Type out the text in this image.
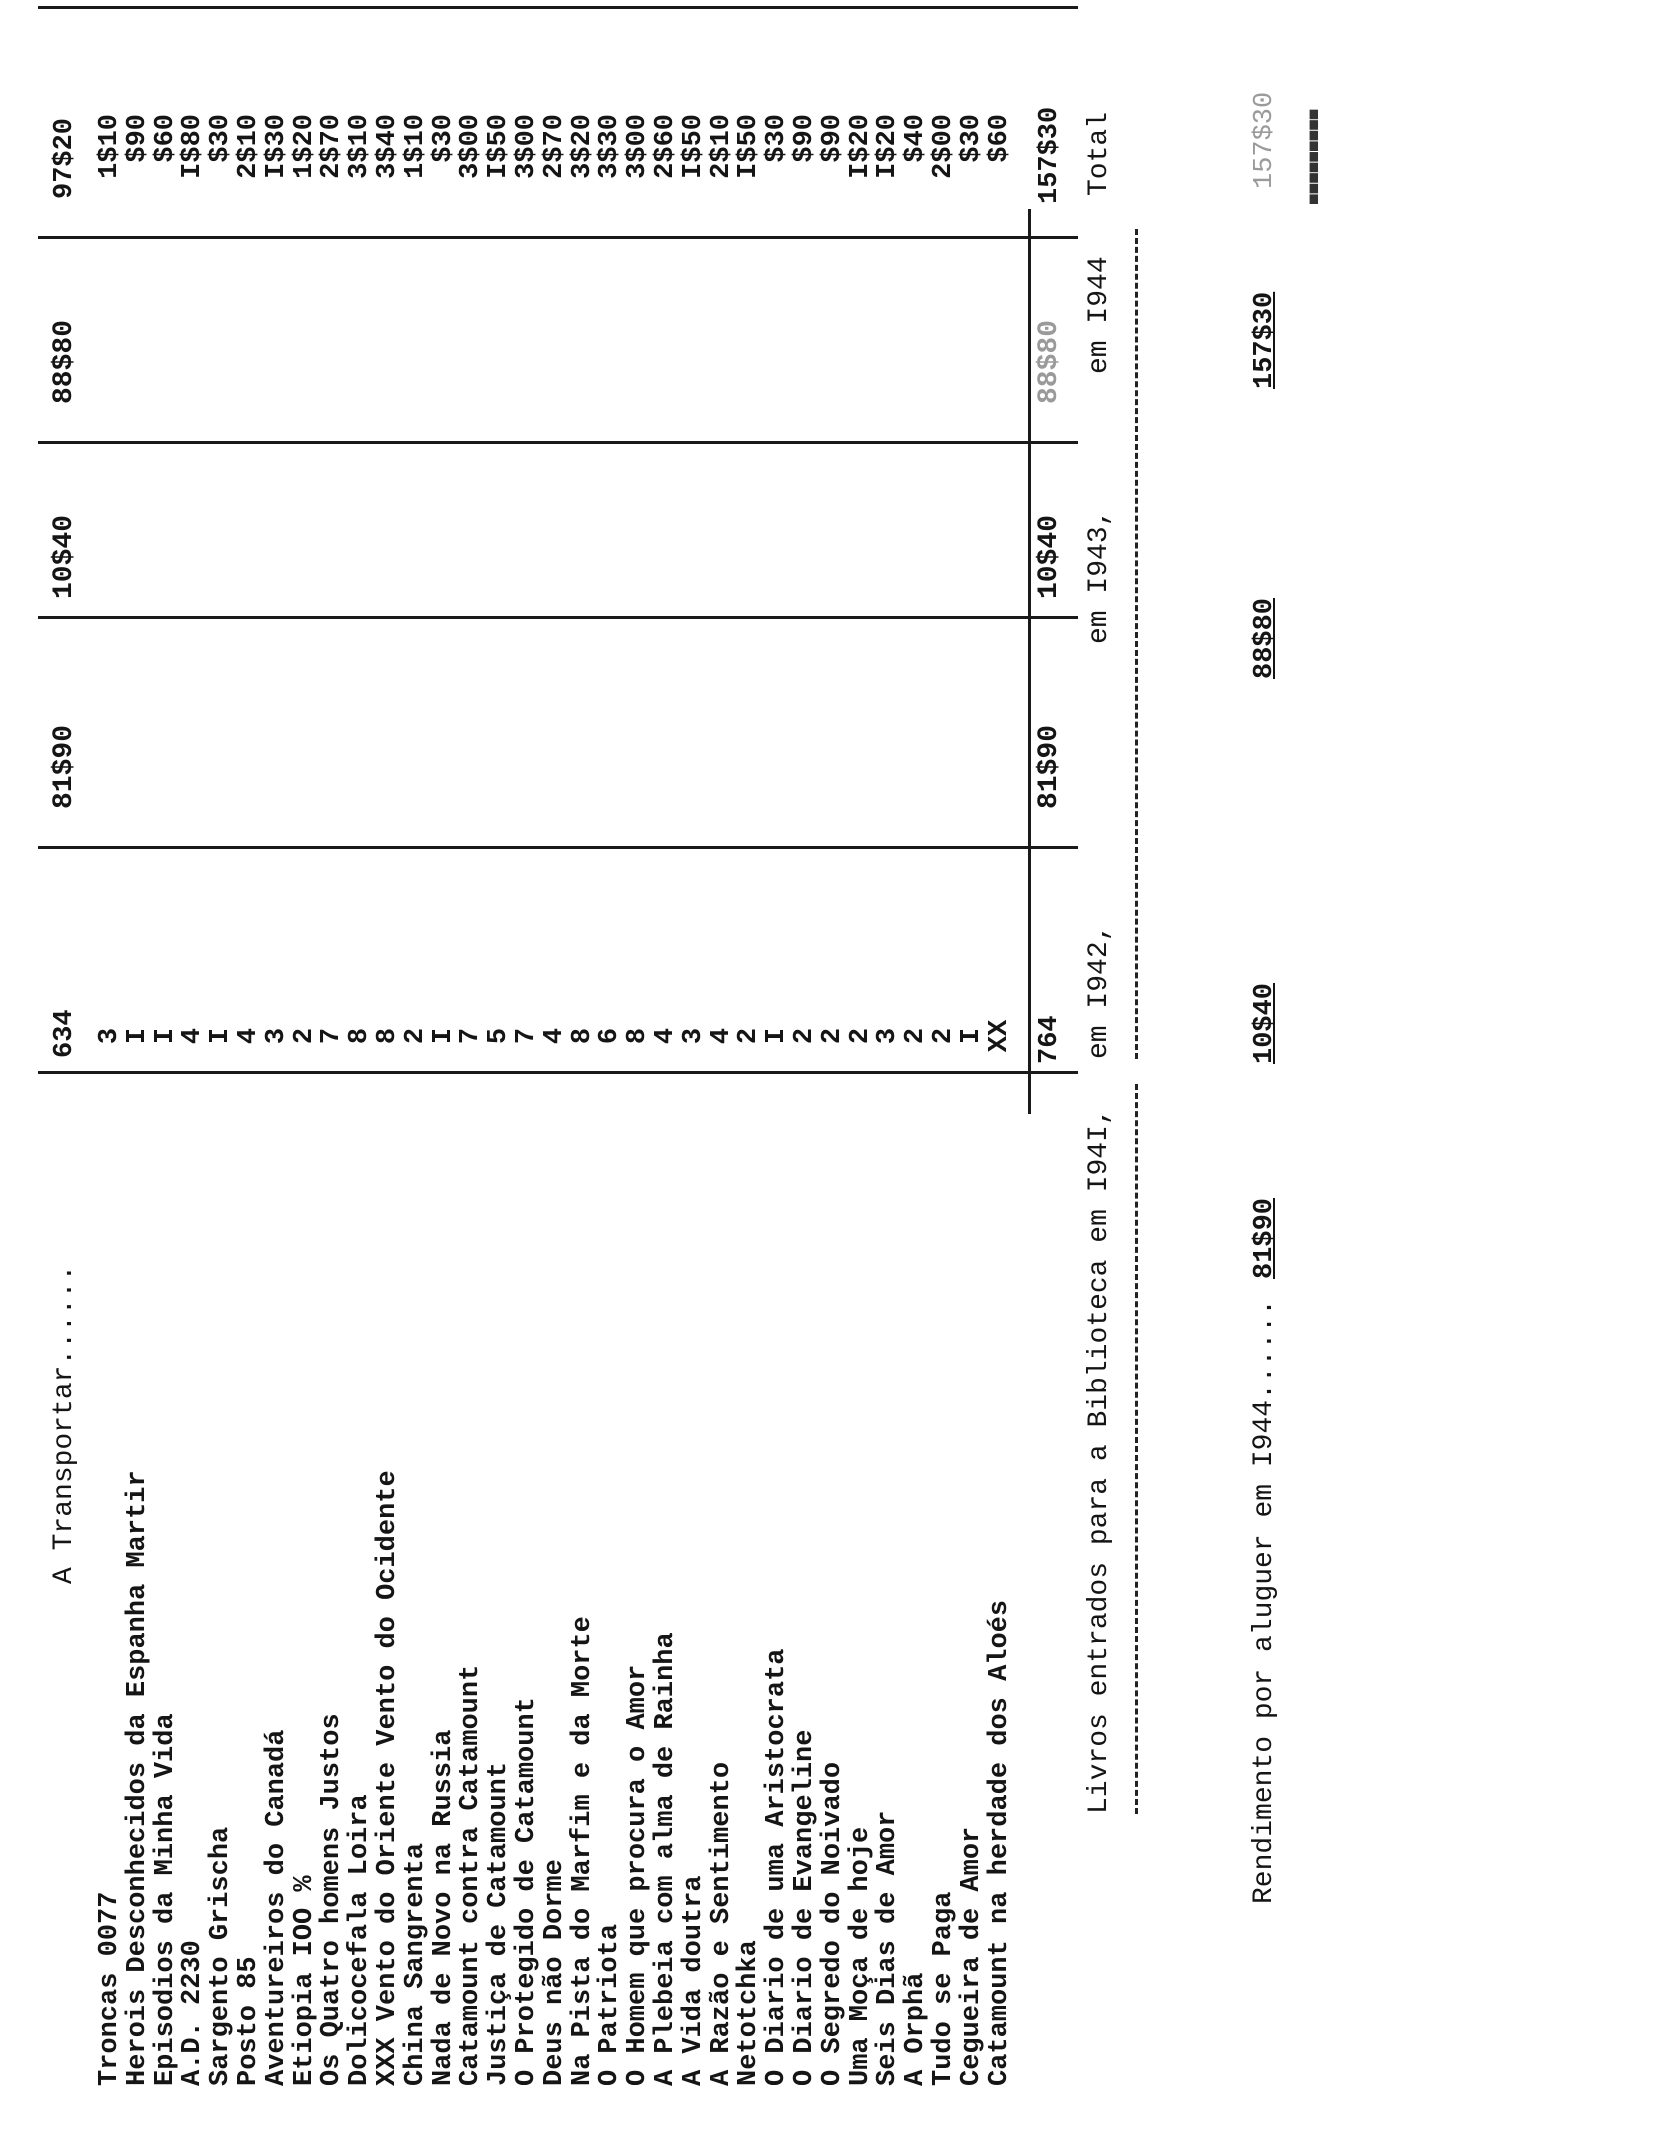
A Transportar......
634
81$90
10$40
88$80
97$20
Troncas 0077
Herois Desconhecidos da Espanha Martir
Episodios da Minha Vida
A.D. 2230
Sargento Grischa
Posto 85
Aventureiros do Canadá
Etiopia IOO %
Os Quatro homens Justos
Dolicocefala Loira
XXX Vento do Oriente Vento do Ocidente
China Sangrenta
Nada de Novo na Russia
Catamount contra Catamount
Justiça de Catamount
O Protegido de Catamount
Deus não Dorme
Na Pista do Marfim e da Morte
O Patriota
O Homem que procura o Amor
A Plebeia com alma de Rainha
A Vida doutra
A Razão e Sentimento
Netotchka
O Diario de uma Aristocrata
O Diario de Evangeline
O Segredo do Noivado
Uma Moça de hoje
Seis Dias de Amor
A Orphã
Tudo se Paga
Cegueira de Amor
Catamount na herdade dos Aloés
3
I
I
4
I
4
3
2
7
8
8
2
I
7
5
7
4
8
6
8
4
3
4
2
I
2
2
2
3
2
2
I
XX
1$10
$90
$60
I$80
$30
2$10
I$30
1$20
2$70
3$10
3$40
1$10
$30
3$00
I$50
3$00
2$70
3$20
3$30
3$00
2$60
I$50
2$10
I$50
$30
$90
$90
I$20
I$20
$40
2$00
$30
$60
764
81$90
10$40
88$80
157$30
Livros entrados para a Biblioteca em I94I,
em I942,
em I943,
em I944
Total
Rendimento por aluguer em I944......
81$90
10$40
88$80
157$30
157$30 ▀▀▀▀▀▀▀▀▀
